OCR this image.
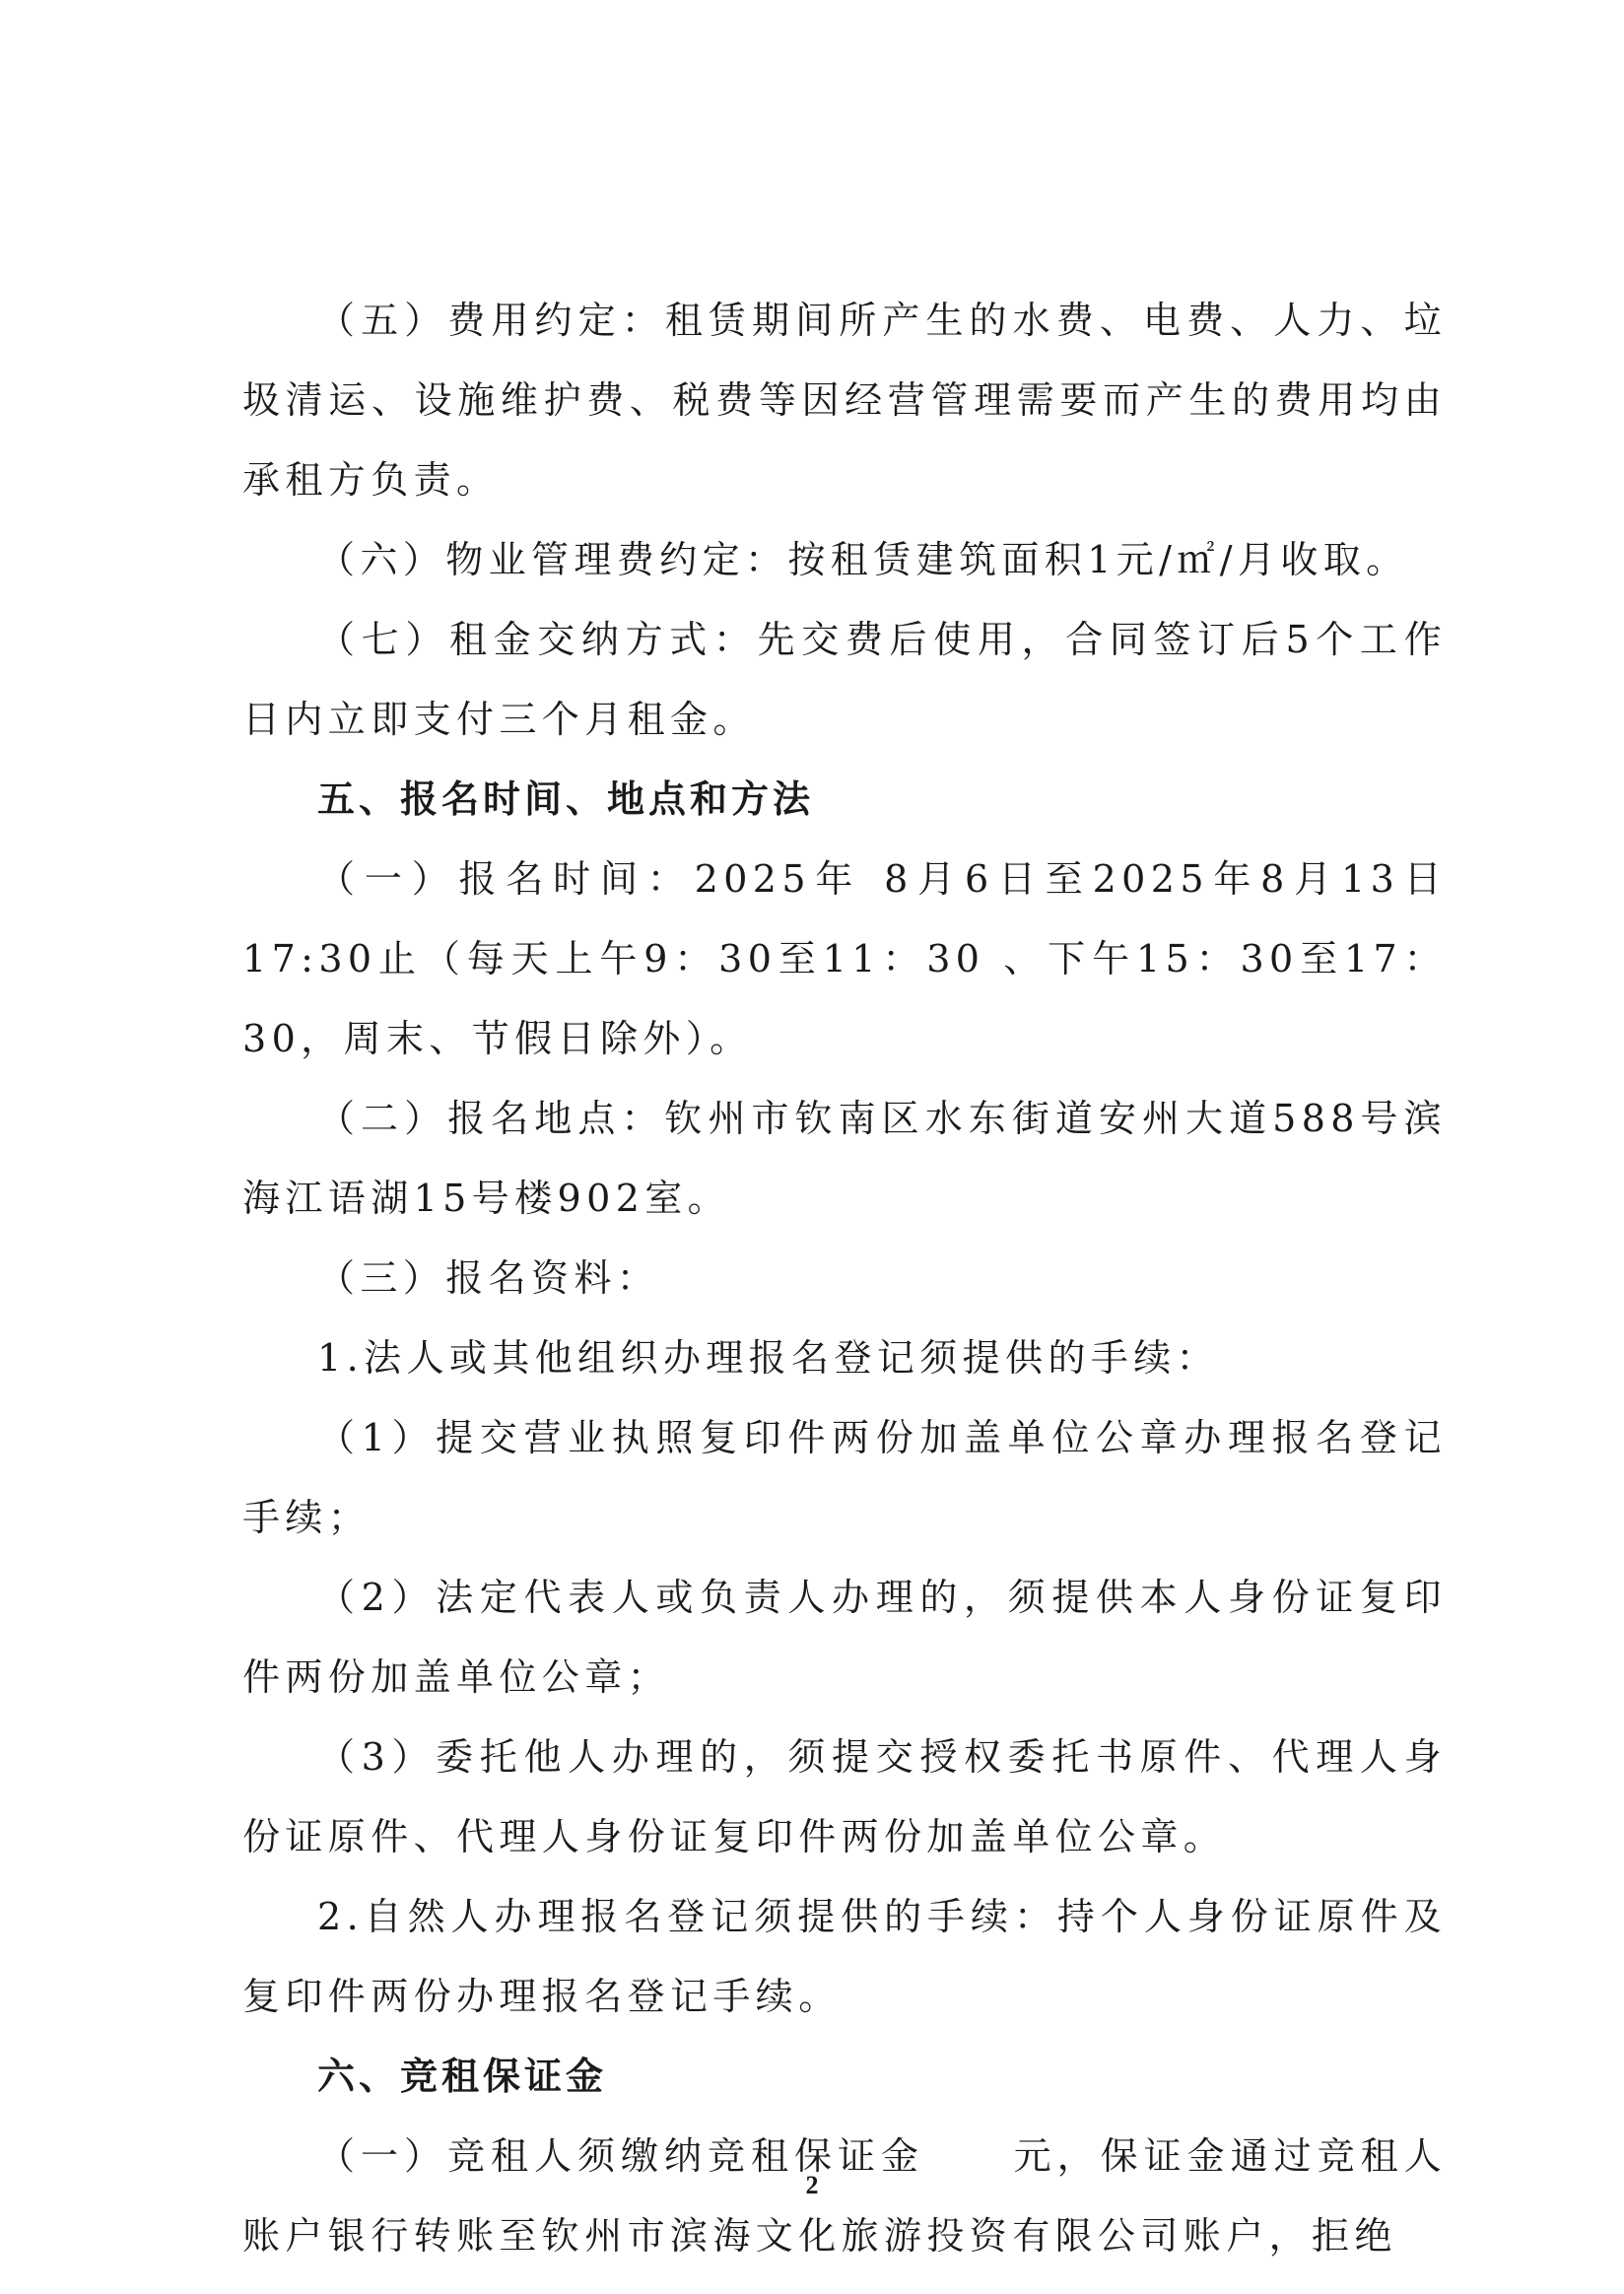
（五）费用约定：租赁期间所产生的水费、电费、人力、垃圾清运、设施维护费、税费等因经营管理需要而产生的费用均由承租方负责。

（六）物业管理费约定：按租赁建筑面积1元/㎡/月收取。

（七）租金交纳方式：先交费后使用，合同签订后5个工作日内立即支付三个月租金。

五、报名时间、地点和方法

（一）报名时间：2025年 8月6日至2025年8月13日17:30止（每天上午9：30至11：30 、下午15：30至17：30，周末、节假日除外）。

（二）报名地点：钦州市钦南区水东街道安州大道588号滨海江语湖15号楼902室。

（三）报名资料：

1.法人或其他组织办理报名登记须提供的手续：

（1）提交营业执照复印件两份加盖单位公章办理报名登记手续；

（2）法定代表人或负责人办理的，须提供本人身份证复印件两份加盖单位公章；

（3）委托他人办理的，须提交授权委托书原件、代理人身份证原件、代理人身份证复印件两份加盖单位公章。

2.自然人办理报名登记须提供的手续：持个人身份证原件及复印件两份办理报名登记手续。

六、竞租保证金

（一）竞租人须缴纳竞租保证金 元，保证金通过竞租人账户银行转账至钦州市滨海文化旅游投资有限公司账户，拒绝

2
